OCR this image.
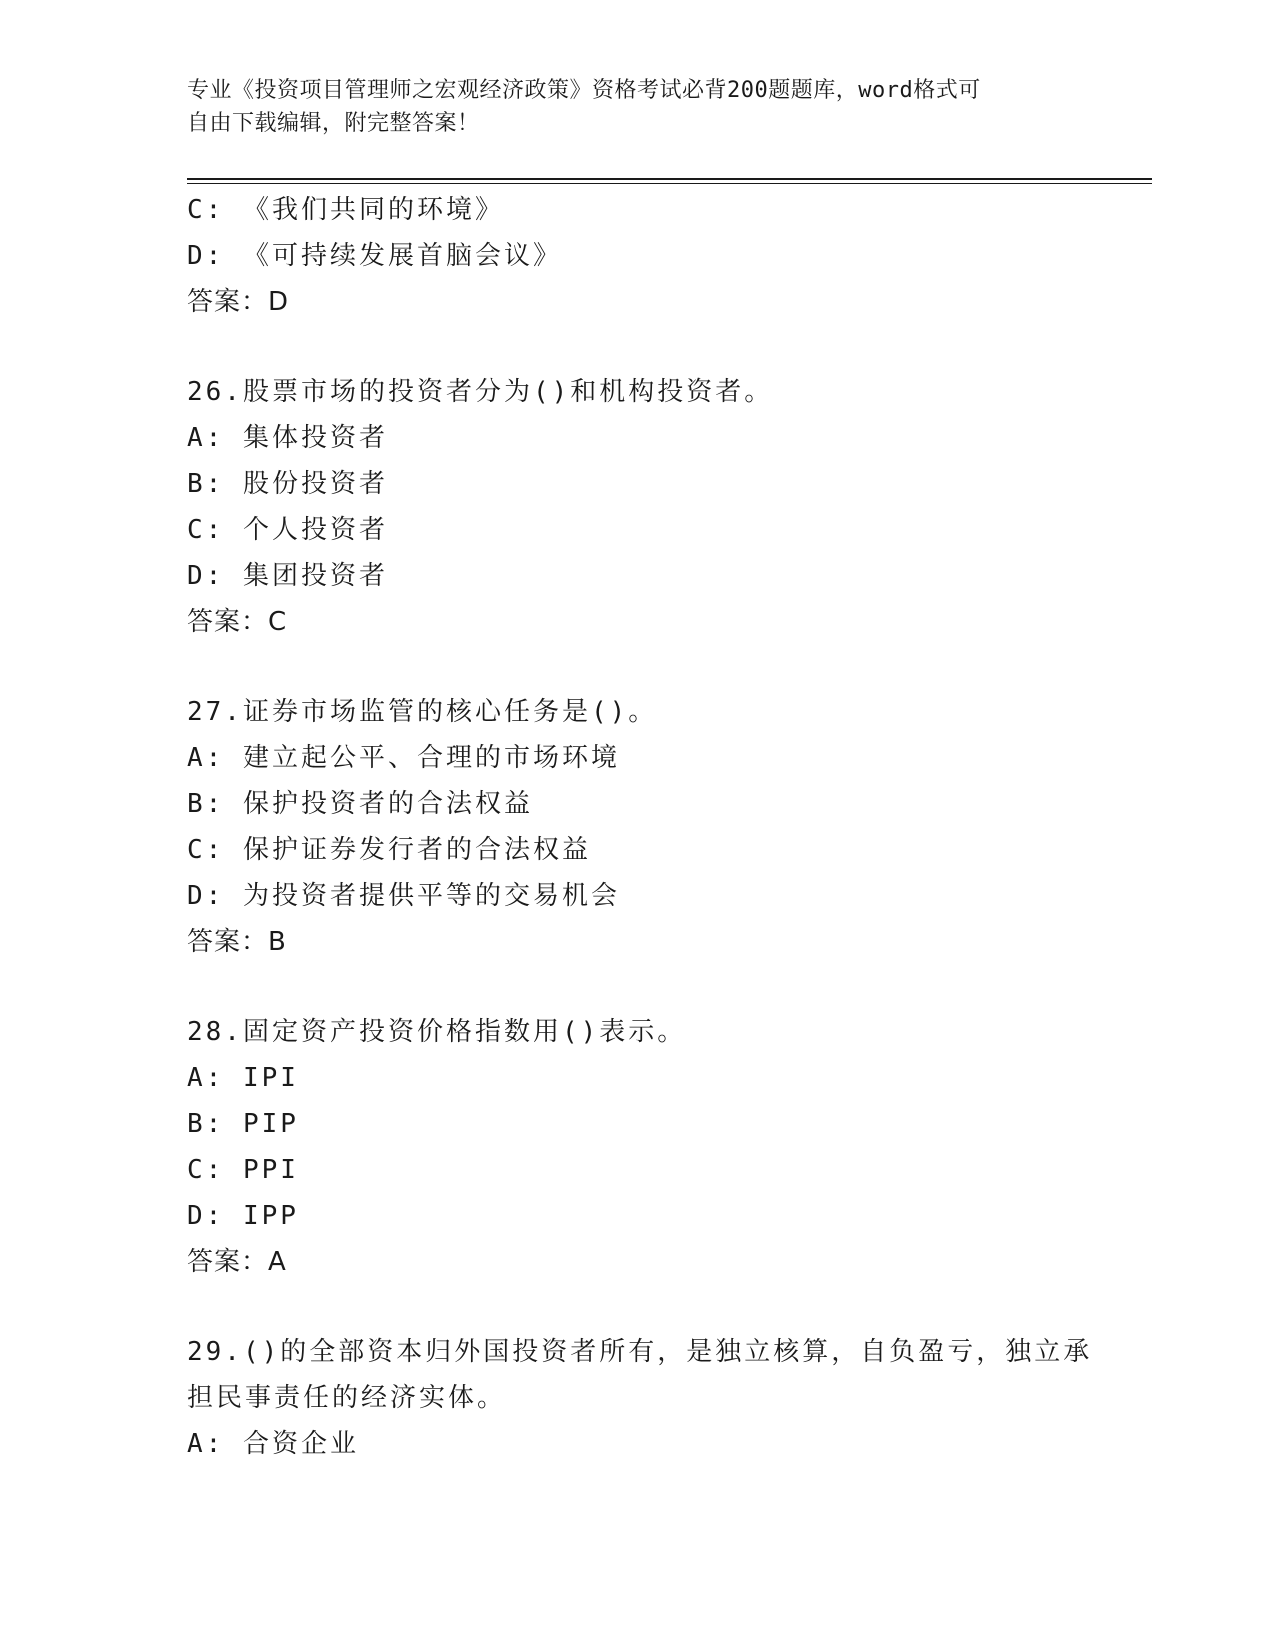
专业《投资项目管理师之宏观经济政策》资格考试必背200题题库，word格式可
自由下载编辑，附完整答案！
C: 《我们共同的环境》
D: 《可持续发展首脑会议》
答案：D
26.股票市场的投资者分为()和机构投资者。
A: 集体投资者
B: 股份投资者
C: 个人投资者
D: 集团投资者
答案：C
27.证券市场监管的核心任务是()。
A: 建立起公平、合理的市场环境
B: 保护投资者的合法权益
C: 保护证券发行者的合法权益
D: 为投资者提供平等的交易机会
答案：B
28.固定资产投资价格指数用()表示。
A: IPI
B: PIP
C: PPI
D: IPP
答案：A
29.()的全部资本归外国投资者所有，是独立核算，自负盈亏，独立承
担民事责任的经济实体。
A: 合资企业
